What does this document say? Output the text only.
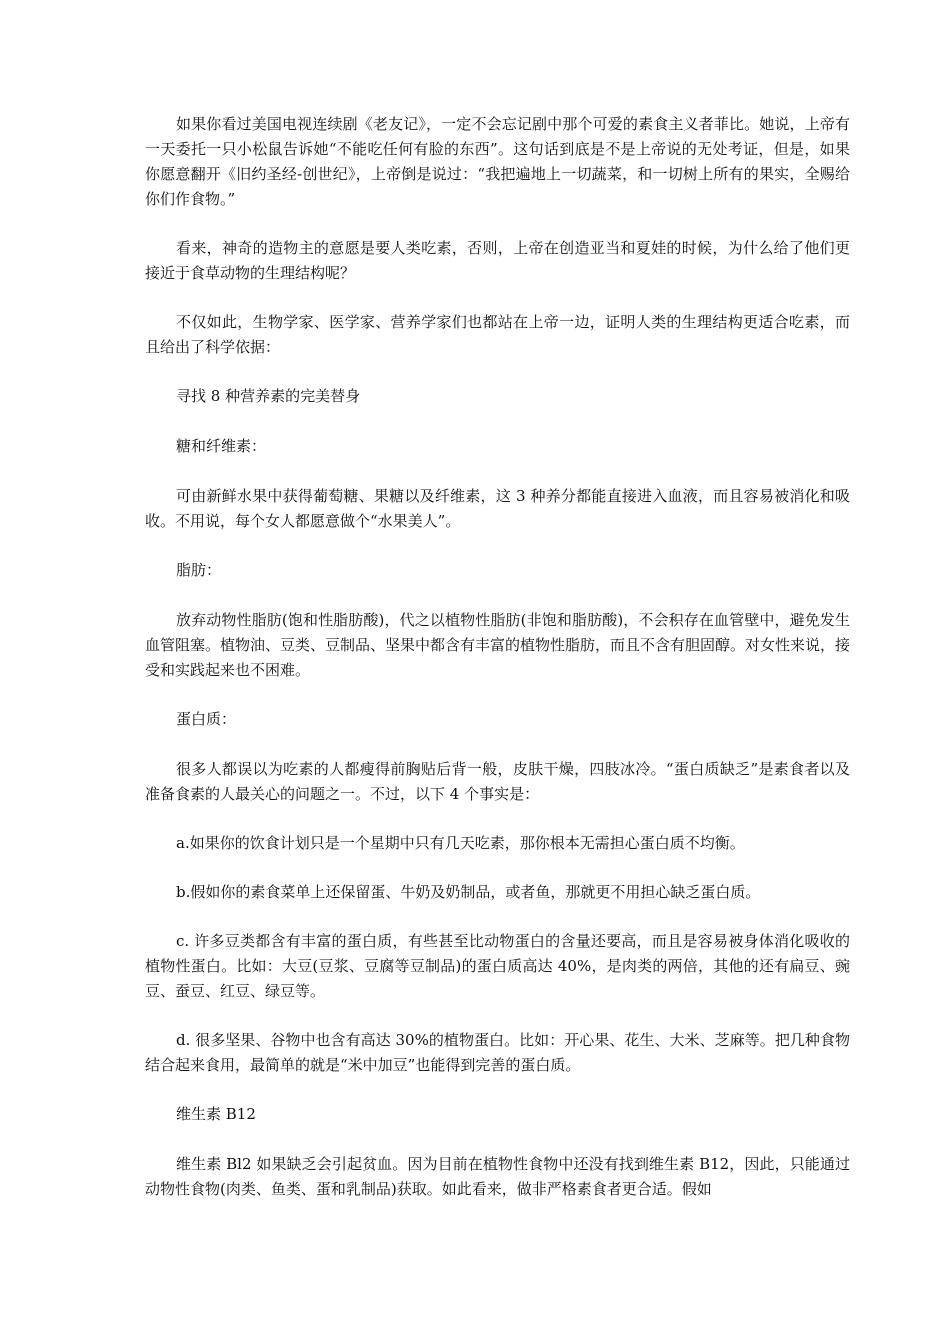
如果你看过美国电视连续剧《老友记》，一定不会忘记剧中那个可爱的素食主义者菲比。她说，上帝有一天委托一只小松鼠告诉她“不能吃任何有脸的东西”。这句话到底是不是上帝说的无处考证，但是，如果你愿意翻开《旧约圣经-创世纪》，上帝倒是说过：“我把遍地上一切蔬菜，和一切树上所有的果实，全赐给你们作食物。”

看来，神奇的造物主的意愿是要人类吃素，否则，上帝在创造亚当和夏娃的时候，为什么给了他们更接近于食草动物的生理结构呢？

不仅如此，生物学家、医学家、营养学家们也都站在上帝一边，证明人类的生理结构更适合吃素，而且给出了科学依据：

寻找 8 种营养素的完美替身

糖和纤维素：

可由新鲜水果中获得葡萄糖、果糖以及纤维素，这 3 种养分都能直接进入血液，而且容易被消化和吸收。不用说，每个女人都愿意做个“水果美人”。

脂肪：

放弃动物性脂肪(饱和性脂肪酸)，代之以植物性脂肪(非饱和脂肪酸)，不会积存在血管壁中，避免发生血管阻塞。植物油、豆类、豆制品、坚果中都含有丰富的植物性脂肪，而且不含有胆固醇。对女性来说，接受和实践起来也不困难。

蛋白质：

很多人都误以为吃素的人都瘦得前胸贴后背一般，皮肤干燥，四肢冰冷。“蛋白质缺乏”是素食者以及准备食素的人最关心的问题之一。不过，以下 4 个事实是：

a.如果你的饮食计划只是一个星期中只有几天吃素，那你根本无需担心蛋白质不均衡。

b.假如你的素食菜单上还保留蛋、牛奶及奶制品，或者鱼，那就更不用担心缺乏蛋白质。

c. 许多豆类都含有丰富的蛋白质，有些甚至比动物蛋白的含量还要高，而且是容易被身体消化吸收的植物性蛋白。比如：大豆(豆浆、豆腐等豆制品)的蛋白质高达 40%，是肉类的两倍，其他的还有扁豆、豌豆、蚕豆、红豆、绿豆等。

d. 很多坚果、谷物中也含有高达 30%的植物蛋白。比如：开心果、花生、大米、芝麻等。把几种食物结合起来食用，最简单的就是“米中加豆”也能得到完善的蛋白质。

维生素 B12

维生素 Bl2 如果缺乏会引起贫血。因为目前在植物性食物中还没有找到维生素 B12，因此，只能通过动物性食物(肉类、鱼类、蛋和乳制品)获取。如此看来，做非严格素食者更合适。假如
